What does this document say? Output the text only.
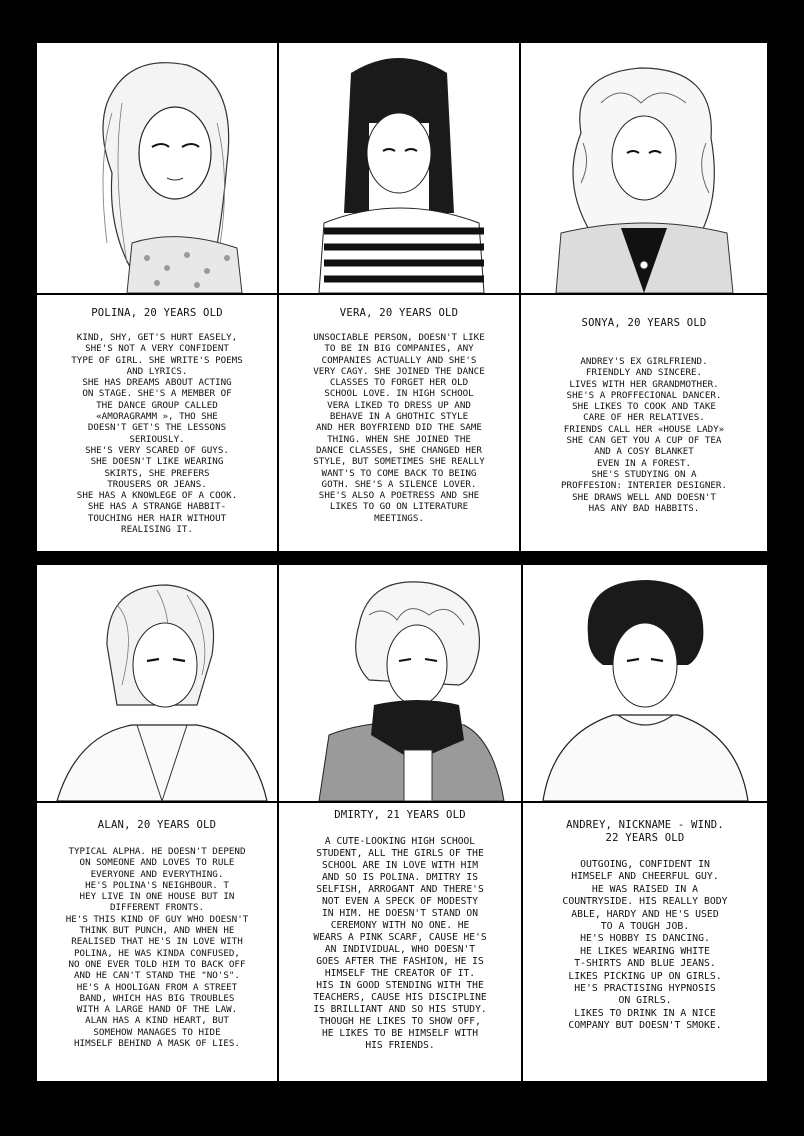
POLINA, 20 YEARS OLD
KIND, SHY, GET'S HURT EASELY,
SHE'S NOT A VERY CONFIDENT
TYPE OF GIRL. SHE WRITE'S POEMS
AND LYRICS.
SHE HAS DREAMS ABOUT ACTING
ON STAGE. SHE'S A MEMBER OF
THE DANCE GROUP CALLED
«AMORAGRAMM », THO SHE
DOESN'T GET'S THE LESSONS
SERIOUSLY.
SHE'S VERY SCARED OF GUYS.
SHE DOESN'T LIKE WEARING
SKIRTS, SHE PREFERS
TROUSERS OR JEANS.
SHE HAS A KNOWLEGE OF A COOK.
SHE HAS A STRANGE HABBIT-
TOUCHING HER HAIR WITHOUT
REALISING IT.
VERA, 20 YEARS OLD
UNSOCIABLE PERSON, DOESN'T LIKE
TO BE IN BIG COMPANIES, ANY
COMPANIES ACTUALLY AND SHE'S
VERY CAGY. SHE JOINED THE DANCE
CLASSES TO FORGET HER OLD
SCHOOL LOVE. IN HIGH SCHOOL
VERA LIKED TO DRESS UP AND
BEHAVE IN A GHOTHIC STYLE
AND HER BOYFRIEND DID THE SAME
THING. WHEN SHE JOINED THE
DANCE CLASSES, SHE CHANGED HER
STYLE, BUT SOMETIMES SHE REALLY
WANT'S TO COME BACK TO BEING
GOTH. SHE'S A SILENCE LOVER.
SHE'S ALSO A POETRESS AND SHE
LIKES TO GO ON LITERATURE
MEETINGS.
SONYA, 20 YEARS OLD
ANDREY'S EX GIRLFRIEND.
FRIENDLY AND SINCERE.
LIVES WITH HER GRANDMOTHER.
SHE'S A PROFFECIONAL DANCER.
SHE LIKES TO COOK AND TAKE
CARE OF HER RELATIVES.
FRIENDS CALL HER «HOUSE LADY»
SHE CAN GET YOU A CUP OF TEA
AND A COSY BLANKET
EVEN IN A FOREST.
SHE'S STUDYING ON A
PROFFESION: INTERIER DESIGNER.
SHE DRAWS WELL AND DOESN'T
HAS ANY BAD HABBITS.
ALAN, 20 YEARS OLD
TYPICAL ALPHA. HE DOESN'T DEPEND
ON SOMEONE AND LOVES TO RULE
EVERYONE AND EVERYTHING.
HE'S POLINA'S NEIGHBOUR. T
HEY LIVE IN ONE HOUSE BUT IN
DIFFERENT FRONTS.
HE'S THIS KIND OF GUY WHO DOESN'T
THINK BUT PUNCH, AND WHEN HE
REALISED THAT HE'S IN LOVE WITH
POLINA, HE WAS KINDA CONFUSED,
NO ONE EVER TOLD HIM TO BACK OFF
AND HE CAN'T STAND THE "NO'S".
HE'S A HOOLIGAN FROM A STREET
BAND, WHICH HAS BIG TROUBLES
WITH A LARGE HAND OF THE LAW.
ALAN HAS A KIND HEART, BUT
SOMEHOW MANAGES TO HIDE
HIMSELF BEHIND A MASK OF LIES.
DMIRTY, 21 YEARS OLD
A CUTE-LOOKING HIGH SCHOOL
STUDENT, ALL THE GIRLS OF THE
SCHOOL ARE IN LOVE WITH HIM
AND SO IS POLINA. DMITRY IS
SELFISH, ARROGANT AND THERE'S
NOT EVEN A SPECK OF MODESTY
IN HIM. HE DOESN'T STAND ON
CEREMONY WITH NO ONE. HE
WEARS A PINK SCARF, CAUSE HE'S
AN INDIVIDUAL, WHO DOESN'T
GOES AFTER THE FASHION, HE IS
HIMSELF THE CREATOR OF IT.
HIS IN GOOD STENDING WITH THE
TEACHERS, CAUSE HIS DISCIPLINE
IS BRILLIANT AND SO HIS STUDY.
THOUGH HE LIKES TO SHOW OFF,
HE LIKES TO BE HIMSELF WITH
HIS FRIENDS.
ANDREY, NICKNAME - WIND.
22 YEARS OLD
OUTGOING, CONFIDENT IN
HIMSELF AND CHEERFUL GUY.
HE WAS RAISED IN A
COUNTRYSIDE. HIS REALLY BODY
ABLE, HARDY AND HE'S USED
TO A TOUGH JOB.
HE'S HOBBY IS DANCING.
HE LIKES WEARING WHITE
T-SHIRTS AND BLUE JEANS.
LIKES PICKING UP ON GIRLS.
HE'S PRACTISING HYPNOSIS
ON GIRLS.
LIKES TO DRINK IN A NICE
COMPANY BUT DOESN'T SMOKE.
